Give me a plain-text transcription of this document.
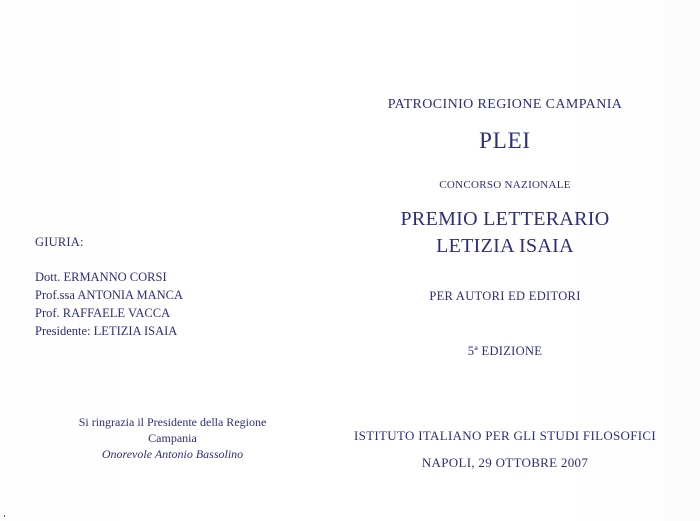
GIURIA:
Dott. ERMANNO CORSI
Prof.ssa ANTONIA MANCA
Prof. RAFFAELE VACCA
Presidente: LETIZIA ISAIA
Si ringrazia il Presidente della Regione Campania
Onorevole Antonio Bassolino
PATROCINIO REGIONE CAMPANIA
PLEI
CONCORSO NAZIONALE
PREMIO LETTERARIO
LETIZIA ISAIA
PER AUTORI ED EDITORI
5ª EDIZIONE
ISTITUTO ITALIANO PER GLI STUDI FILOSOFICI
NAPOLI, 29 OTTOBRE 2007
